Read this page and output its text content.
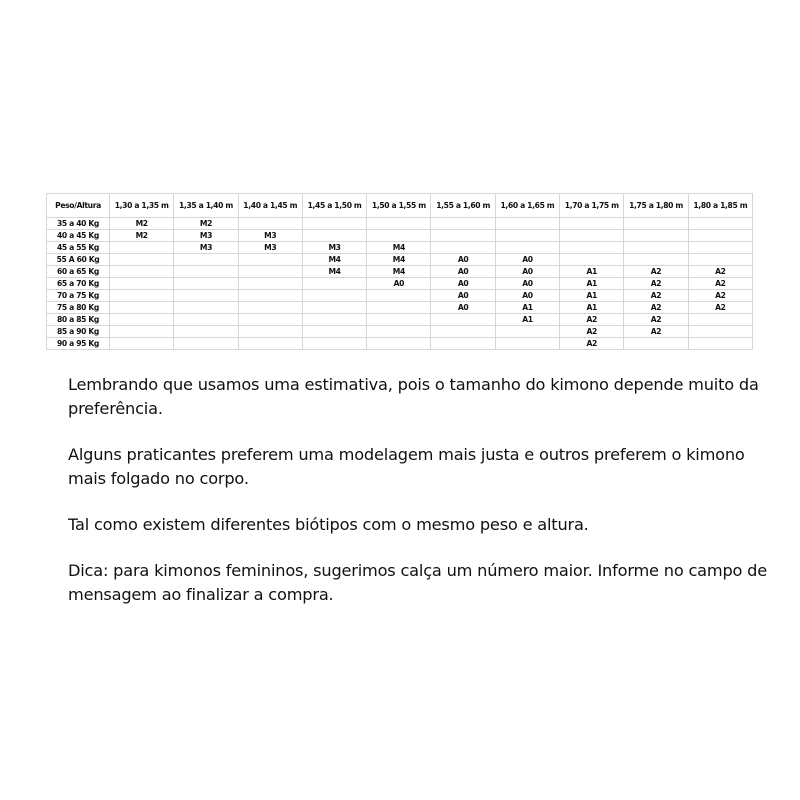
Peso/Altura	1,30 a 1,35 m	1,35 a 1,40 m	1,40 a 1,45 m	1,45 a 1,50 m	1,50 a 1,55 m	1,55 a 1,60 m	1,60 a 1,65 m	1,70 a 1,75 m	1,75 a 1,80 m	1,80 a 1,85 m
35 a 40 Kg	M2	M2								
40 a 45 Kg	M2	M3	M3							
45 a 55 Kg		M3	M3	M3	M4					
55 A 60 Kg				M4	M4	A0	A0			
60 a 65 Kg				M4	M4	A0	A0	A1	A2	A2
65 a 70 Kg					A0	A0	A0	A1	A2	A2
70 a 75 Kg						A0	A0	A1	A2	A2
75 a 80 Kg						A0	A1	A1	A2	A2
80 a 85 Kg							A1	A2	A2	
85 a 90 Kg								A2	A2	
90 a 95 Kg								A2		

Lembrando que usamos uma estimativa, pois o tamanho do kimono depende muito da preferência.

Alguns praticantes preferem uma modelagem mais justa e outros preferem o kimono mais folgado no corpo.

Tal como existem diferentes biótipos com o mesmo peso e altura.

Dica: para kimonos femininos, sugerimos calça um número maior. Informe no campo de mensagem ao finalizar a compra.
